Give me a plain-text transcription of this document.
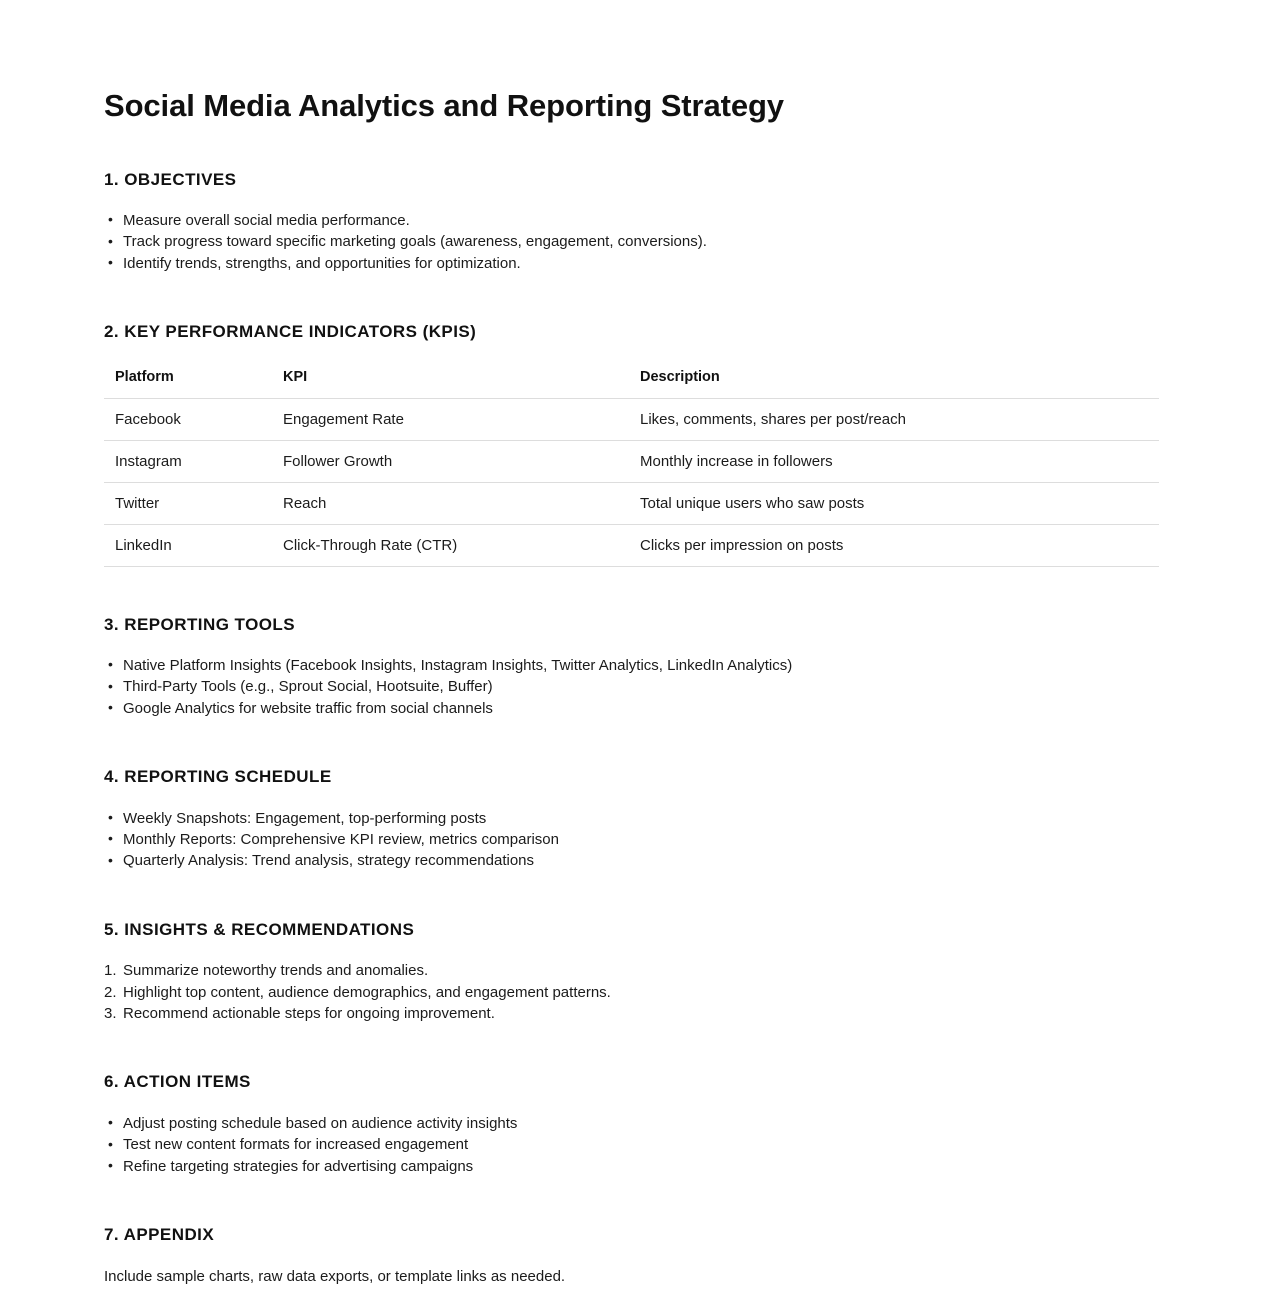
Social Media Analytics and Reporting Strategy
1. OBJECTIVES
• Measure overall social media performance.
• Track progress toward specific marketing goals (awareness, engagement, conversions).
• Identify trends, strengths, and opportunities for optimization.
2. KEY PERFORMANCE INDICATORS (KPIS)
Platform	KPI	Description
Facebook	Engagement Rate	Likes, comments, shares per post/reach
Instagram	Follower Growth	Monthly increase in followers
Twitter	Reach	Total unique users who saw posts
LinkedIn	Click-Through Rate (CTR)	Clicks per impression on posts
3. REPORTING TOOLS
• Native Platform Insights (Facebook Insights, Instagram Insights, Twitter Analytics, LinkedIn Analytics)
• Third-Party Tools (e.g., Sprout Social, Hootsuite, Buffer)
• Google Analytics for website traffic from social channels
4. REPORTING SCHEDULE
• Weekly Snapshots: Engagement, top-performing posts
• Monthly Reports: Comprehensive KPI review, metrics comparison
• Quarterly Analysis: Trend analysis, strategy recommendations
5. INSIGHTS & RECOMMENDATIONS
Summarize noteworthy trends and anomalies.
Highlight top content, audience demographics, and engagement patterns.
Recommend actionable steps for ongoing improvement.
6. ACTION ITEMS
• Adjust posting schedule based on audience activity insights
• Test new content formats for increased engagement
• Refine targeting strategies for advertising campaigns
7. APPENDIX

Include sample charts, raw data exports, or template links as needed.
